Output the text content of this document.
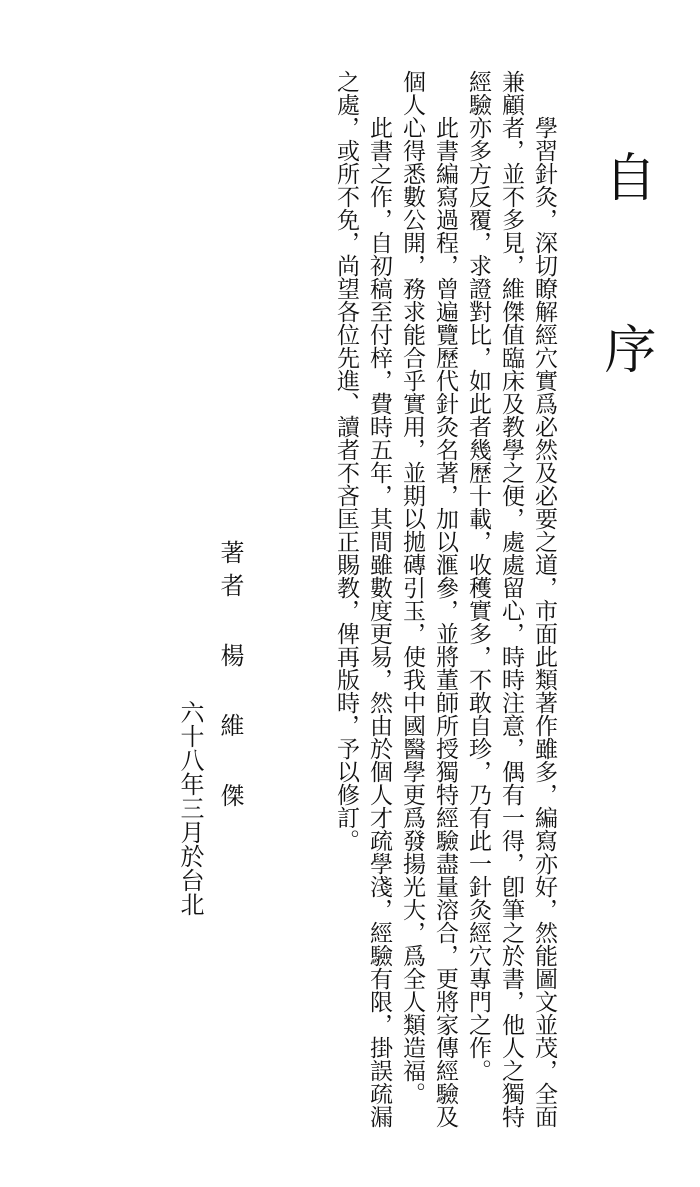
自 序

學習針灸，深切瞭解經穴實爲必然及必要之道，市面此類著作雖多，編寫亦好，然能圖文並茂，全面兼顧者，並不多見，維傑值臨床及教學之便，處處留心，時時注意，偶有一得，卽筆之於書，他人之獨特經驗亦多方反覆，求證對比，如此者幾歷十載，收穫實多，不敢自珍，乃有此一針灸經穴專門之作。

此書編寫過程，曾遍覽歷代針灸名著，加以滙參，並將董師所授獨特經驗盡量溶合，更將家傳經驗及個人心得悉數公開，務求能合乎實用，並期以拋磚引玉，使我中國醫學更爲發揚光大，爲全人類造福。

此書之作，自初稿至付梓，費時五年，其間雖數度更易，然由於個人才疏學淺，經驗有限，掛誤疏漏之處，或所不免，尚望各位先進、讀者不吝匡正賜教，俾再版時，予以修訂。

著者 楊 維 傑
六十八年三月於台北
